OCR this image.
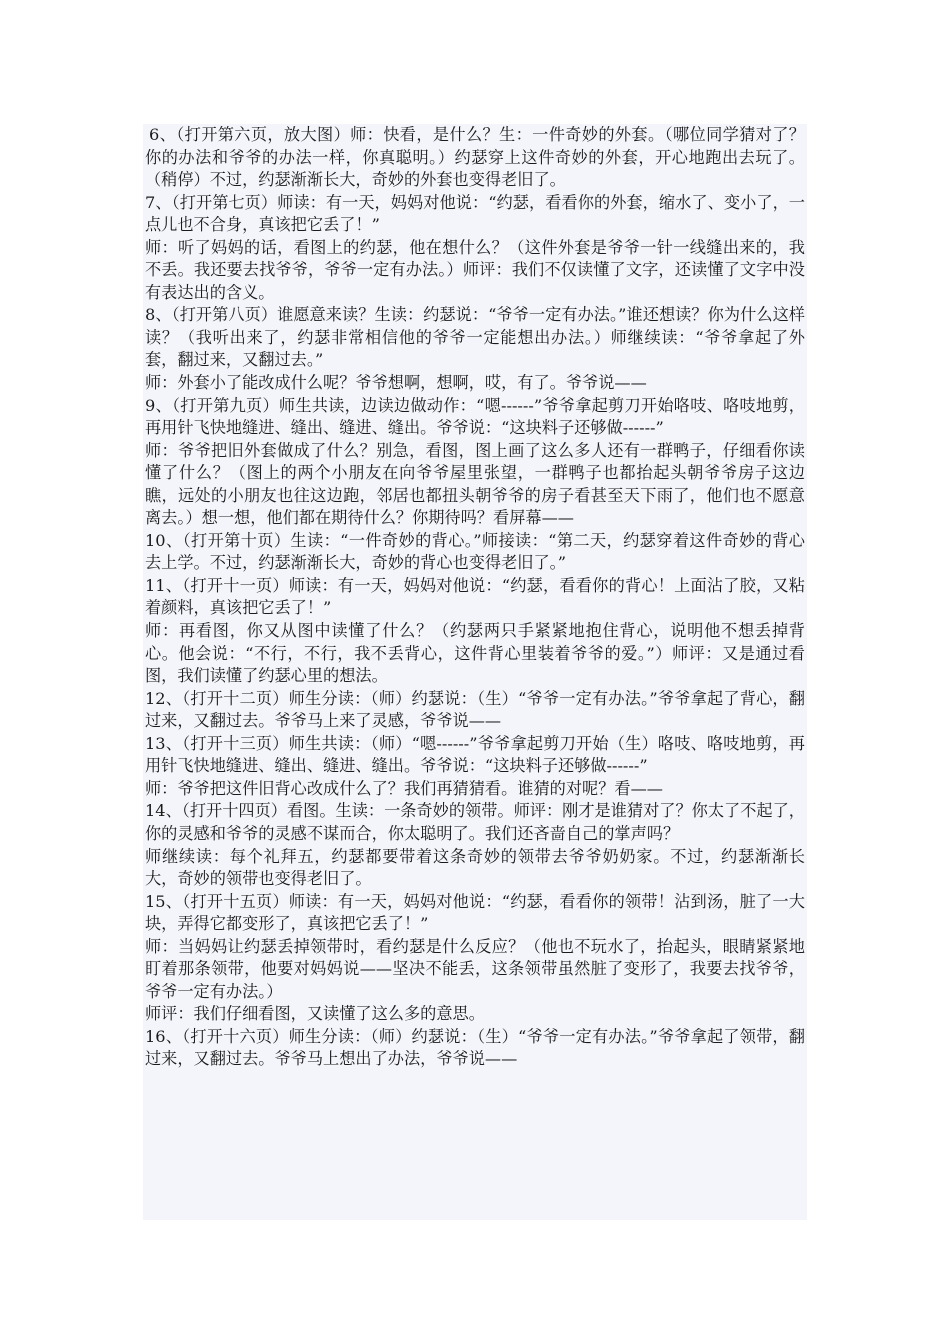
6、（打开第六页，放大图）师：快看，是什么？生：一件奇妙的外套。（哪位同学猜对了？你的办法和爷爷的办法一样，你真聪明。）约瑟穿上这件奇妙的外套，开心地跑出去玩了。（稍停）不过，约瑟渐渐长大，奇妙的外套也变得老旧了。

7、（打开第七页）师读：有一天，妈妈对他说：“约瑟，看看你的外套，缩水了、变小了，一点儿也不合身，真该把它丢了！”

师：听了妈妈的话，看图上的约瑟，他在想什么？（这件外套是爷爷一针一线缝出来的，我不丢。我还要去找爷爷，爷爷一定有办法。）师评：我们不仅读懂了文字，还读懂了文字中没有表达出的含义。

8、（打开第八页）谁愿意来读？生读：约瑟说：“爷爷一定有办法。”谁还想读？你为什么这样读？（我听出来了，约瑟非常相信他的爷爷一定能想出办法。）师继续读：“爷爷拿起了外套，翻过来，又翻过去。”

师：外套小了能改成什么呢？爷爷想啊，想啊，哎，有了。爷爷说——

9、（打开第九页）师生共读，边读边做动作：“嗯------”爷爷拿起剪刀开始咯吱、咯吱地剪，再用针飞快地缝进、缝出、缝进、缝出。爷爷说：“这块料子还够做------”

师：爷爷把旧外套做成了什么？别急，看图，图上画了这么多人还有一群鸭子，仔细看你读懂了什么？（图上的两个小朋友在向爷爷屋里张望，一群鸭子也都抬起头朝爷爷房子这边瞧，远处的小朋友也往这边跑，邻居也都扭头朝爷爷的房子看甚至天下雨了，他们也不愿意离去。）想一想，他们都在期待什么？你期待吗？看屏幕——

10、（打开第十页）生读：“一件奇妙的背心。”师接读：“第二天，约瑟穿着这件奇妙的背心去上学。不过，约瑟渐渐长大，奇妙的背心也变得老旧了。”

11、（打开十一页）师读：有一天，妈妈对他说：“约瑟，看看你的背心！上面沾了胶，又粘着颜料，真该把它丢了！”

师：再看图，你又从图中读懂了什么？（约瑟两只手紧紧地抱住背心，说明他不想丢掉背心。他会说：“不行，不行，我不丢背心，这件背心里装着爷爷的爱。”）师评：又是通过看图，我们读懂了约瑟心里的想法。

12、（打开十二页）师生分读：（师）约瑟说：（生）“爷爷一定有办法。”爷爷拿起了背心，翻过来，又翻过去。爷爷马上来了灵感，爷爷说——

13、（打开十三页）师生共读：（师）“嗯------”爷爷拿起剪刀开始（生）咯吱、咯吱地剪，再用针飞快地缝进、缝出、缝进、缝出。爷爷说：“这块料子还够做------”

师：爷爷把这件旧背心改成什么了？我们再猜猜看。谁猜的对呢？看——

14、（打开十四页）看图。生读：一条奇妙的领带。师评：刚才是谁猜对了？你太了不起了，你的灵感和爷爷的灵感不谋而合，你太聪明了。我们还吝啬自己的掌声吗？

师继续读：每个礼拜五，约瑟都要带着这条奇妙的领带去爷爷奶奶家。不过，约瑟渐渐长大，奇妙的领带也变得老旧了。

15、（打开十五页）师读：有一天，妈妈对他说：“约瑟，看看你的领带！沾到汤，脏了一大块，弄得它都变形了，真该把它丢了！”

师：当妈妈让约瑟丢掉领带时，看约瑟是什么反应？（他也不玩水了，抬起头，眼睛紧紧地盯着那条领带，他要对妈妈说——坚决不能丢，这条领带虽然脏了变形了，我要去找爷爷，爷爷一定有办法。）

师评：我们仔细看图，又读懂了这么多的意思。

16、（打开十六页）师生分读：（师）约瑟说：（生）“爷爷一定有办法。”爷爷拿起了领带，翻过来，又翻过去。爷爷马上想出了办法，爷爷说——
